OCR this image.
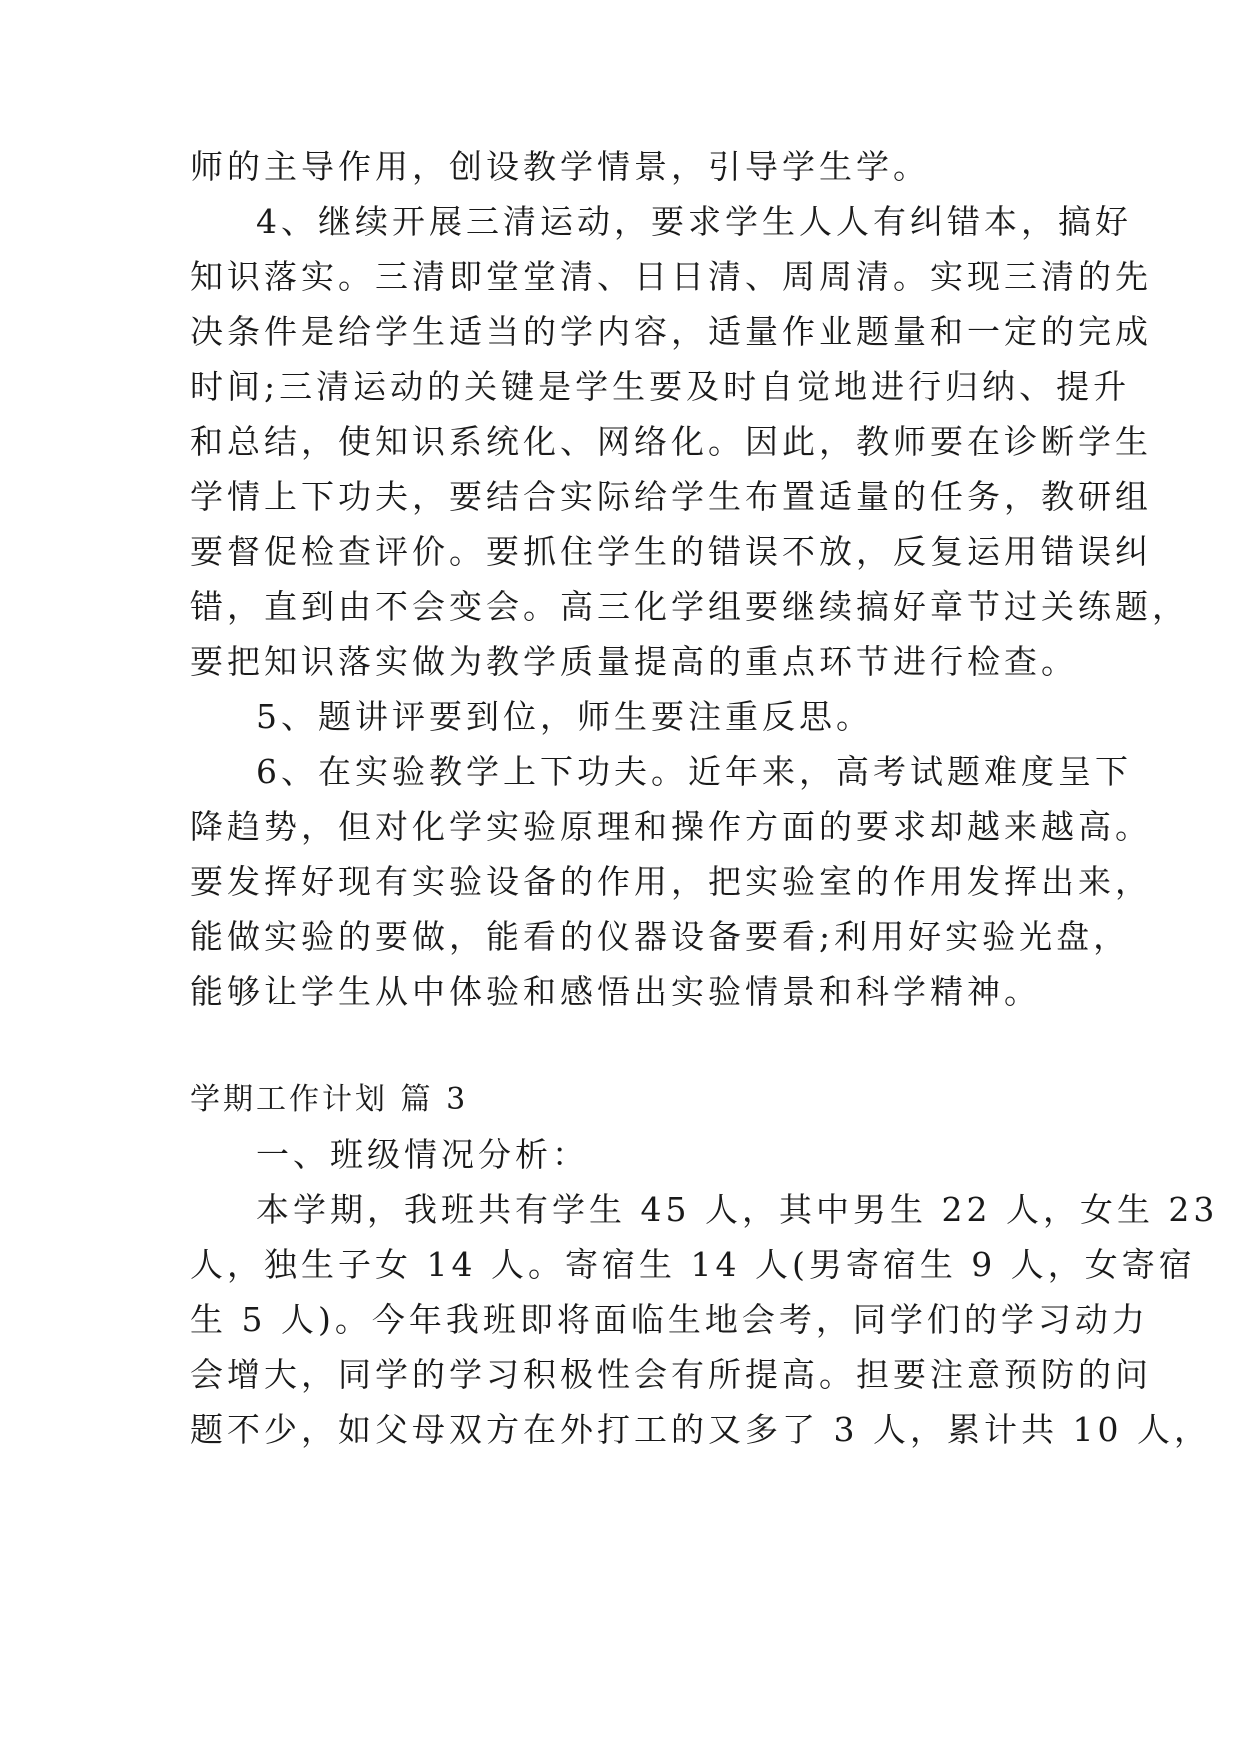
师的主导作用，创设教学情景，引导学生学。
4、继续开展三清运动，要求学生人人有纠错本，搞好
知识落实。三清即堂堂清、日日清、周周清。实现三清的先
决条件是给学生适当的学内容，适量作业题量和一定的完成
时间;三清运动的关键是学生要及时自觉地进行归纳、提升
和总结，使知识系统化、网络化。因此，教师要在诊断学生
学情上下功夫，要结合实际给学生布置适量的任务，教研组
要督促检查评价。要抓住学生的错误不放，反复运用错误纠
错，直到由不会变会。高三化学组要继续搞好章节过关练题，
要把知识落实做为教学质量提高的重点环节进行检查。
5、题讲评要到位，师生要注重反思。
6、在实验教学上下功夫。近年来，高考试题难度呈下
降趋势，但对化学实验原理和操作方面的要求却越来越高。
要发挥好现有实验设备的作用，把实验室的作用发挥出来，
能做实验的要做，能看的仪器设备要看;利用好实验光盘，
能够让学生从中体验和感悟出实验情景和科学精神。
学期工作计划 篇 3
一、班级情况分析：
本学期，我班共有学生 45 人，其中男生 22 人，女生 23
人，独生子女 14 人。寄宿生 14 人(男寄宿生 9 人，女寄宿
生 5 人)。今年我班即将面临生地会考，同学们的学习动力
会增大，同学的学习积极性会有所提高。担要注意预防的问
题不少，如父母双方在外打工的又多了 3 人，累计共 10 人，
